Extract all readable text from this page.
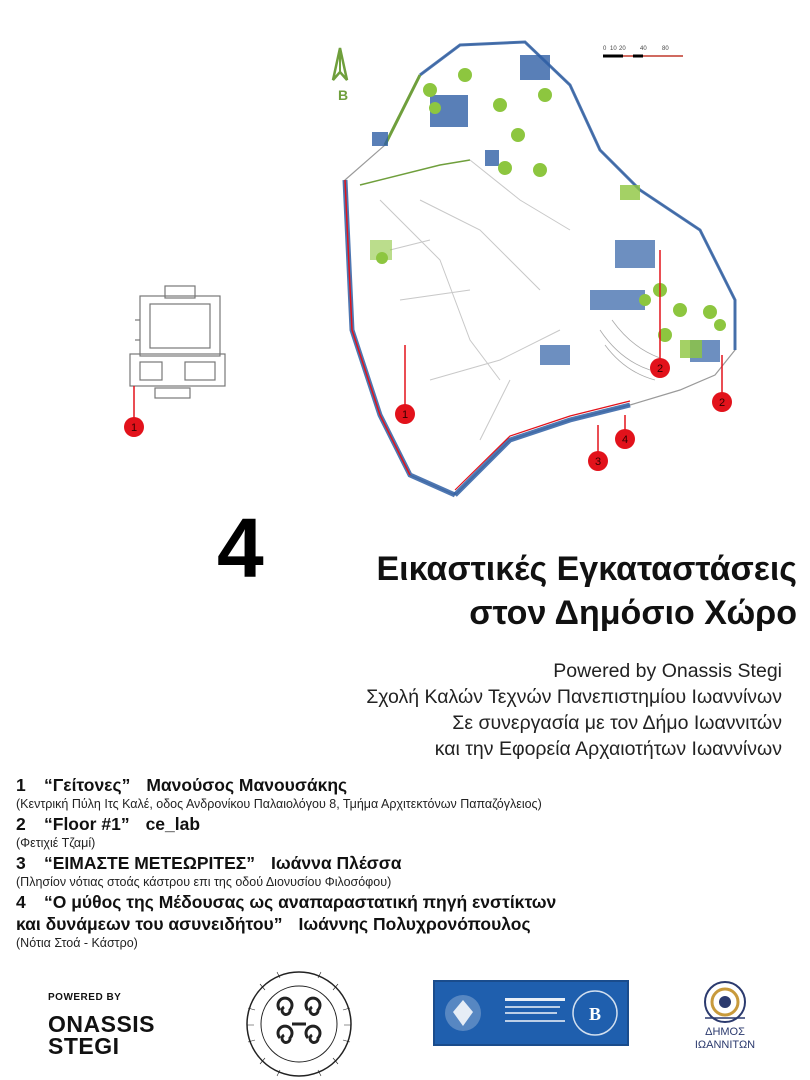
Β
0 10 20 40	80
1
1
2
3
4
2
4	Εικαστικές Εγκαταστάσεις
στον Δημόσιο Χώρο
Powered by Onassis Stegi
Σχολή Καλών Τεχνών Πανεπιστημίου Ιωαννίνων
Σε συνεργασία με τον Δήμο Ιωαννιτών
και την Εφορεία Αρχαιοτήτων Ιωαννίνων
1 “Γείτονες” Μανούσος Μανουσάκης
(Κεντρική Πύλη Ιτς Καλέ, οδος Ανδρονίκου Παλαιολόγου 8, Τμήμα Αρχιτεκτόνων Παπαζόγλειος)
2 “Floor #1” ce_lab
(Φετιχιέ Τζαμί)
3 “ΕΙΜΑΣΤΕ ΜΕΤΕΩΡΙΤΕΣ” Ιωάννα Πλέσσα
(Πλησίον νότιας στοάς κάστρου επι της οδού Διονυσίου Φιλοσόφου)
4 “Ο μύθος της Μέδουσας ως αναπαραστατική πηγή ενστίκτων
και δυνάμεων του ασυνειδήτου” Ιωάννης Πολυχρονόπουλος
(Νότια Στοά - Κάστρο)
POWERED BY
ONASSIS
STEGI
Β
ΔΗΜΟΣ
ΙΩΑΝΝΙΤΩΝ
